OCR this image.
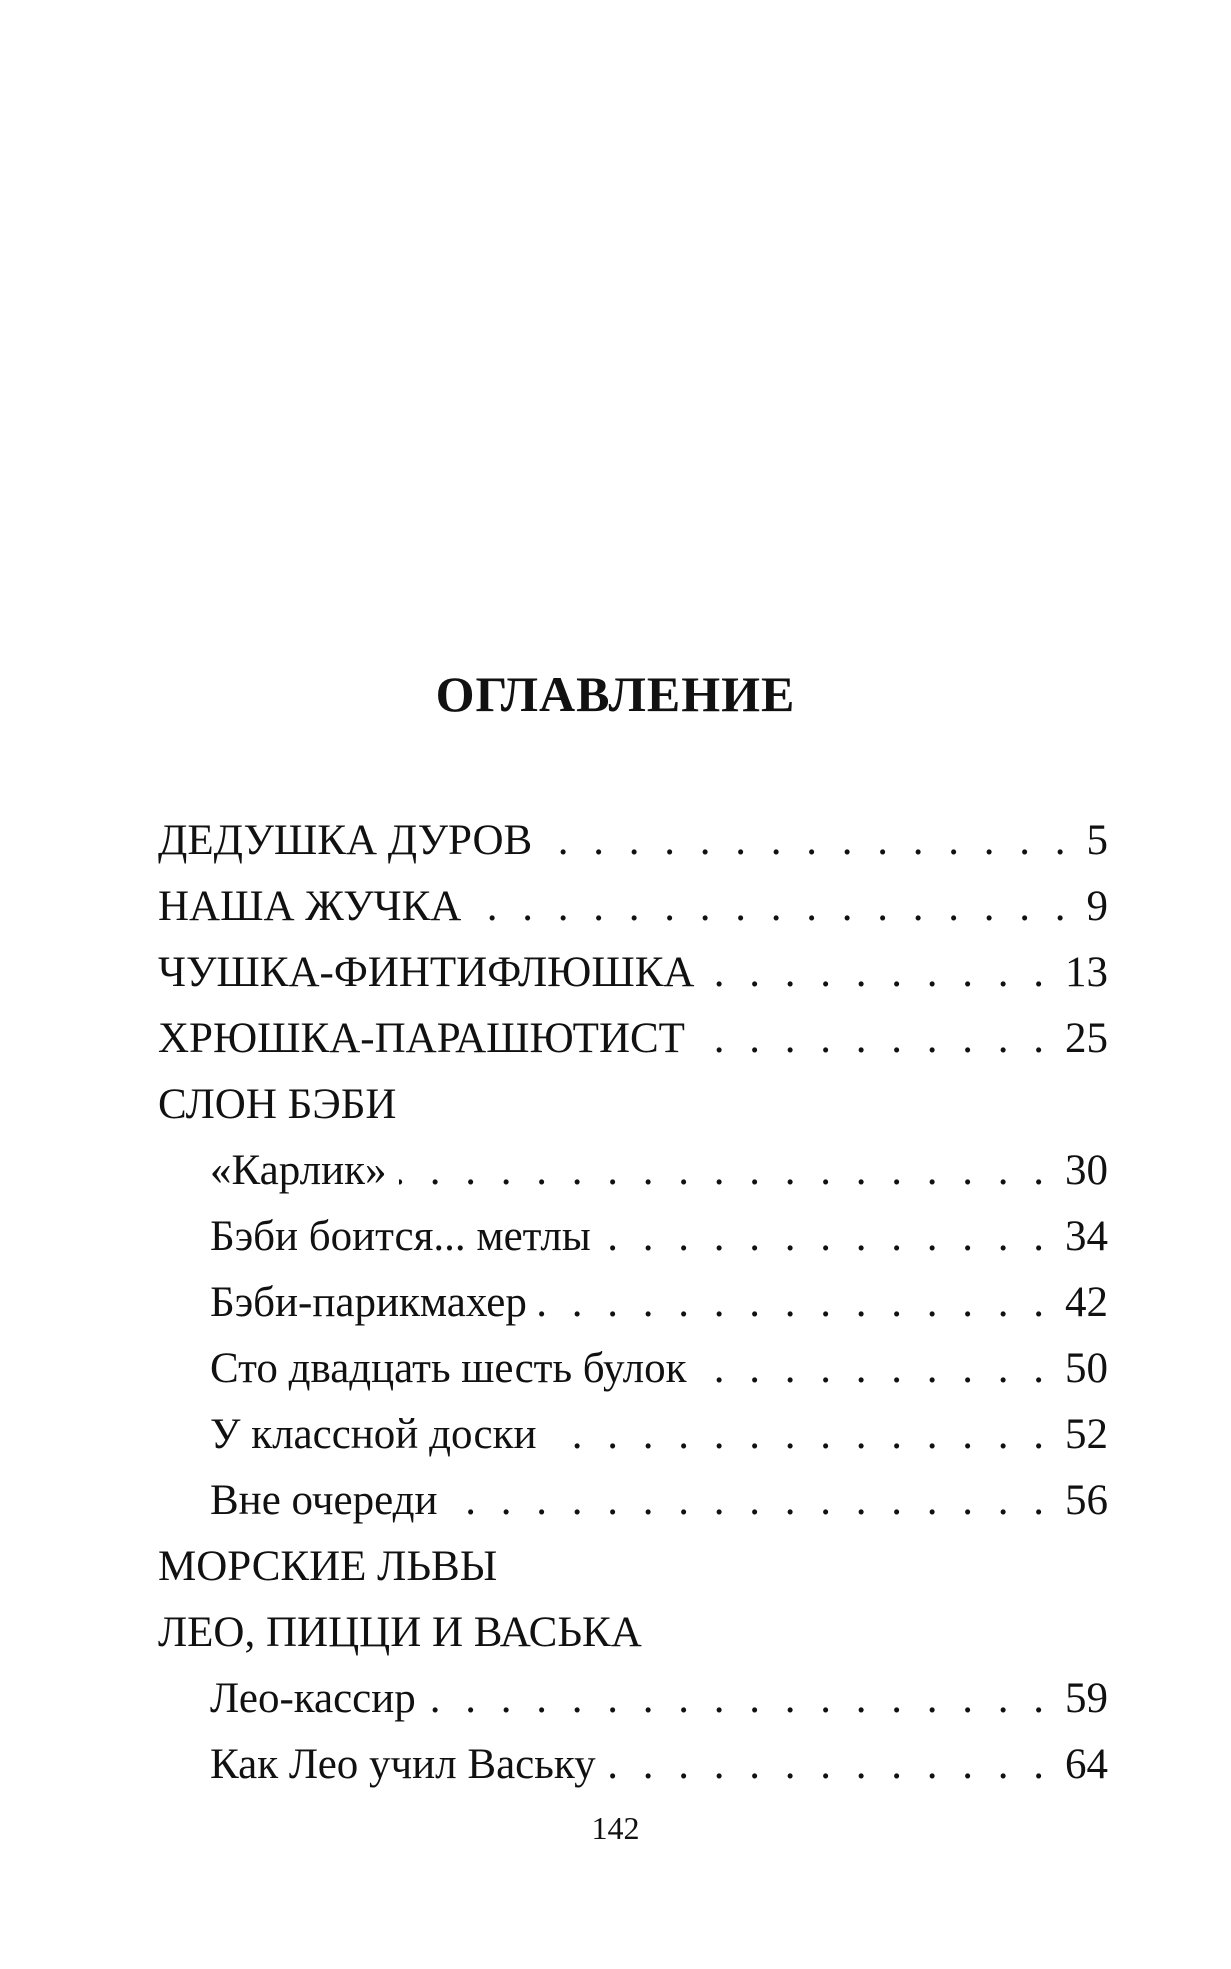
ОГЛАВЛЕНИЕ
ДЕДУШКА ДУРОВ . . .	5
НАША ЖУЧКА . . .	9
ЧУШКА-ФИНТИФЛЮШКА . . .	13
ХРЮШКА-ПАРАШЮТИСТ . . .	25
СЛОН БЭБИ
«Карлик» . . .	30
Бэби боится... метлы . . .	34
Бэби-парикмахер . . .	42
Сто двадцать шесть булок . . .	50
У классной доски . . .	52
Вне очереди . . .	56
МОРСКИЕ ЛЬВЫ
ЛЕО, ПИЦЦИ И ВАСЬКА
Лео-кассир . . .	59
Как Лео учил Ваську . . .	64
142
